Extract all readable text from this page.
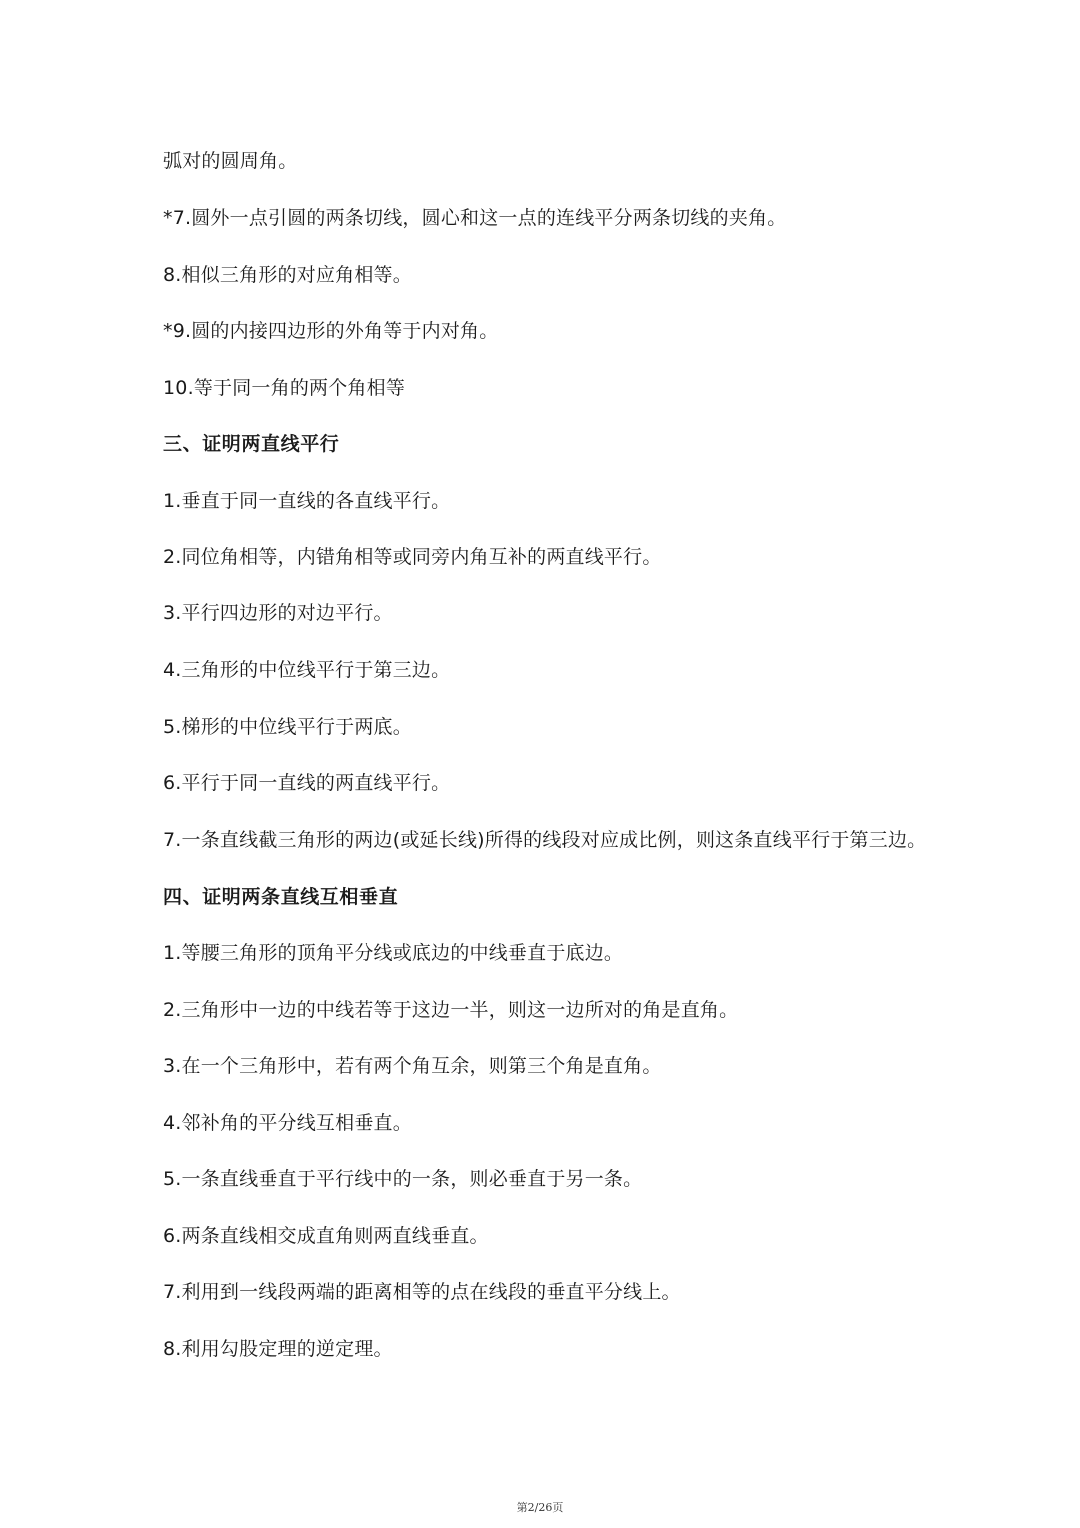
弧对的圆周角。
*7.圆外一点引圆的两条切线，圆心和这一点的连线平分两条切线的夹角。
8.相似三角形的对应角相等。
*9.圆的内接四边形的外角等于内对角。
10.等于同一角的两个角相等
三、证明两直线平行
1.垂直于同一直线的各直线平行。
2.同位角相等，内错角相等或同旁内角互补的两直线平行。
3.平行四边形的对边平行。
4.三角形的中位线平行于第三边。
5.梯形的中位线平行于两底。
6.平行于同一直线的两直线平行。
7.一条直线截三角形的两边(或延长线)所得的线段对应成比例，则这条直线平行于第三边。
四、证明两条直线互相垂直
1.等腰三角形的顶角平分线或底边的中线垂直于底边。
2.三角形中一边的中线若等于这边一半，则这一边所对的角是直角。
3.在一个三角形中，若有两个角互余，则第三个角是直角。
4.邻补角的平分线互相垂直。
5.一条直线垂直于平行线中的一条，则必垂直于另一条。
6.两条直线相交成直角则两直线垂直。
7.利用到一线段两端的距离相等的点在线段的垂直平分线上。
8.利用勾股定理的逆定理。
第2/26页
